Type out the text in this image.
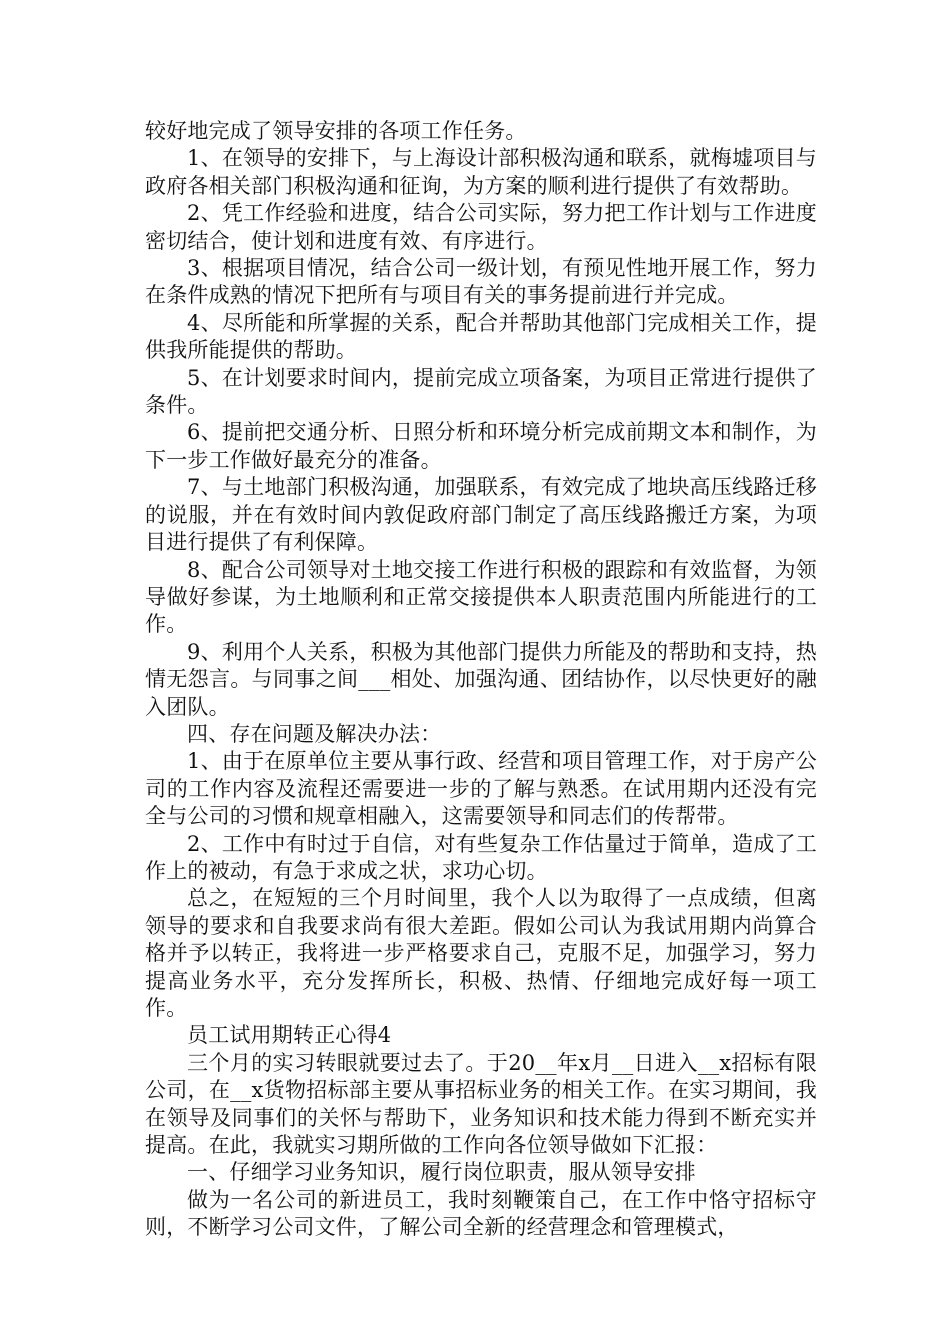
较好地完成了领导安排的各项工作任务。

1、在领导的安排下，与上海设计部积极沟通和联系，就梅墟项目与政府各相关部门积极沟通和征询，为方案的顺利进行提供了有效帮助。

2、凭工作经验和进度，结合公司实际，努力把工作计划与工作进度密切结合，使计划和进度有效、有序进行。

3、根据项目情况，结合公司一级计划，有预见性地开展工作，努力在条件成熟的情况下把所有与项目有关的事务提前进行并完成。

4、尽所能和所掌握的关系，配合并帮助其他部门完成相关工作，提供我所能提供的帮助。

5、在计划要求时间内，提前完成立项备案，为项目正常进行提供了条件。

6、提前把交通分析、日照分析和环境分析完成前期文本和制作，为下一步工作做好最充分的准备。

7、与土地部门积极沟通，加强联系，有效完成了地块高压线路迁移的说服，并在有效时间内敦促政府部门制定了高压线路搬迁方案，为项目进行提供了有利保障。

8、配合公司领导对土地交接工作进行积极的跟踪和有效监督，为领导做好参谋，为土地顺利和正常交接提供本人职责范围内所能进行的工作。

9、利用个人关系，积极为其他部门提供力所能及的帮助和支持，热情无怨言。与同事之间___相处、加强沟通、团结协作，以尽快更好的融入团队。

四、存在问题及解决办法：

1、由于在原单位主要从事行政、经营和项目管理工作，对于房产公司的工作内容及流程还需要进一步的了解与熟悉。在试用期内还没有完全与公司的习惯和规章相融入，这需要领导和同志们的传帮带。

2、工作中有时过于自信，对有些复杂工作估量过于简单，造成了工作上的被动，有急于求成之状，求功心切。

总之，在短短的三个月时间里，我个人以为取得了一点成绩，但离领导的要求和自我要求尚有很大差距。假如公司认为我试用期内尚算合格并予以转正，我将进一步严格要求自己，克服不足，加强学习，努力提高业务水平，充分发挥所长，积极、热情、仔细地完成好每一项工作。

员工试用期转正心得4

三个月的实习转眼就要过去了。于20__年x月__日进入__x招标有限公司，在__x货物招标部主要从事招标业务的相关工作。在实习期间，我在领导及同事们的关怀与帮助下，业务知识和技术能力得到不断充实并提高。在此，我就实习期所做的工作向各位领导做如下汇报：

一、仔细学习业务知识，履行岗位职责，服从领导安排

做为一名公司的新进员工，我时刻鞭策自己，在工作中恪守招标守则，不断学习公司文件，了解公司全新的经营理念和管理模式，
